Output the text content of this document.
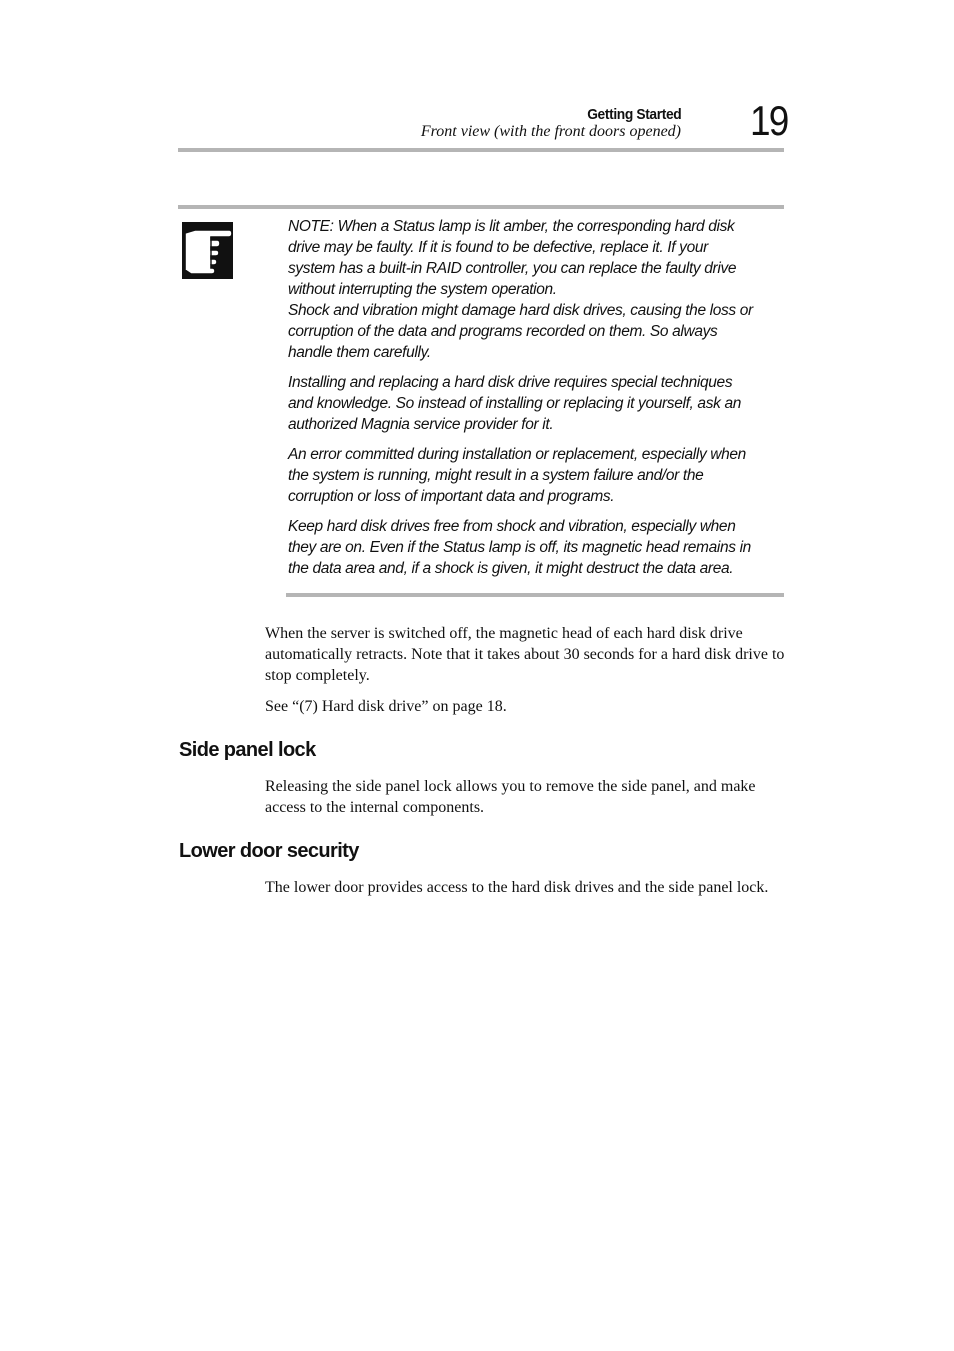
Getting Started
Front view (with the front doors opened) 19

NOTE: When a Status lamp is lit amber, the corresponding hard disk drive may be faulty. If it is found to be defective, replace it. If your system has a built-in RAID controller, you can replace the faulty drive without interrupting the system operation.

Shock and vibration might damage hard disk drives, causing the loss or corruption of the data and programs recorded on them. So always handle them carefully.

Installing and replacing a hard disk drive requires special techniques and knowledge. So instead of installing or replacing it yourself, ask an authorized Magnia service provider for it.

An error committed during installation or replacement, especially when the system is running, might result in a system failure and/or the corruption or loss of important data and programs.

Keep hard disk drives free from shock and vibration, especially when they are on. Even if the Status lamp is off, its magnetic head remains in the data area and, if a shock is given, it might destruct the data area.

When the server is switched off, the magnetic head of each hard disk drive automatically retracts. Note that it takes about 30 seconds for a hard disk drive to stop completely.
See “(7) Hard disk drive” on page 18.
Side panel lock
Releasing the side panel lock allows you to remove the side panel, and make access to the internal components.
Lower door security
The lower door provides access to the hard disk drives and the side panel lock.
